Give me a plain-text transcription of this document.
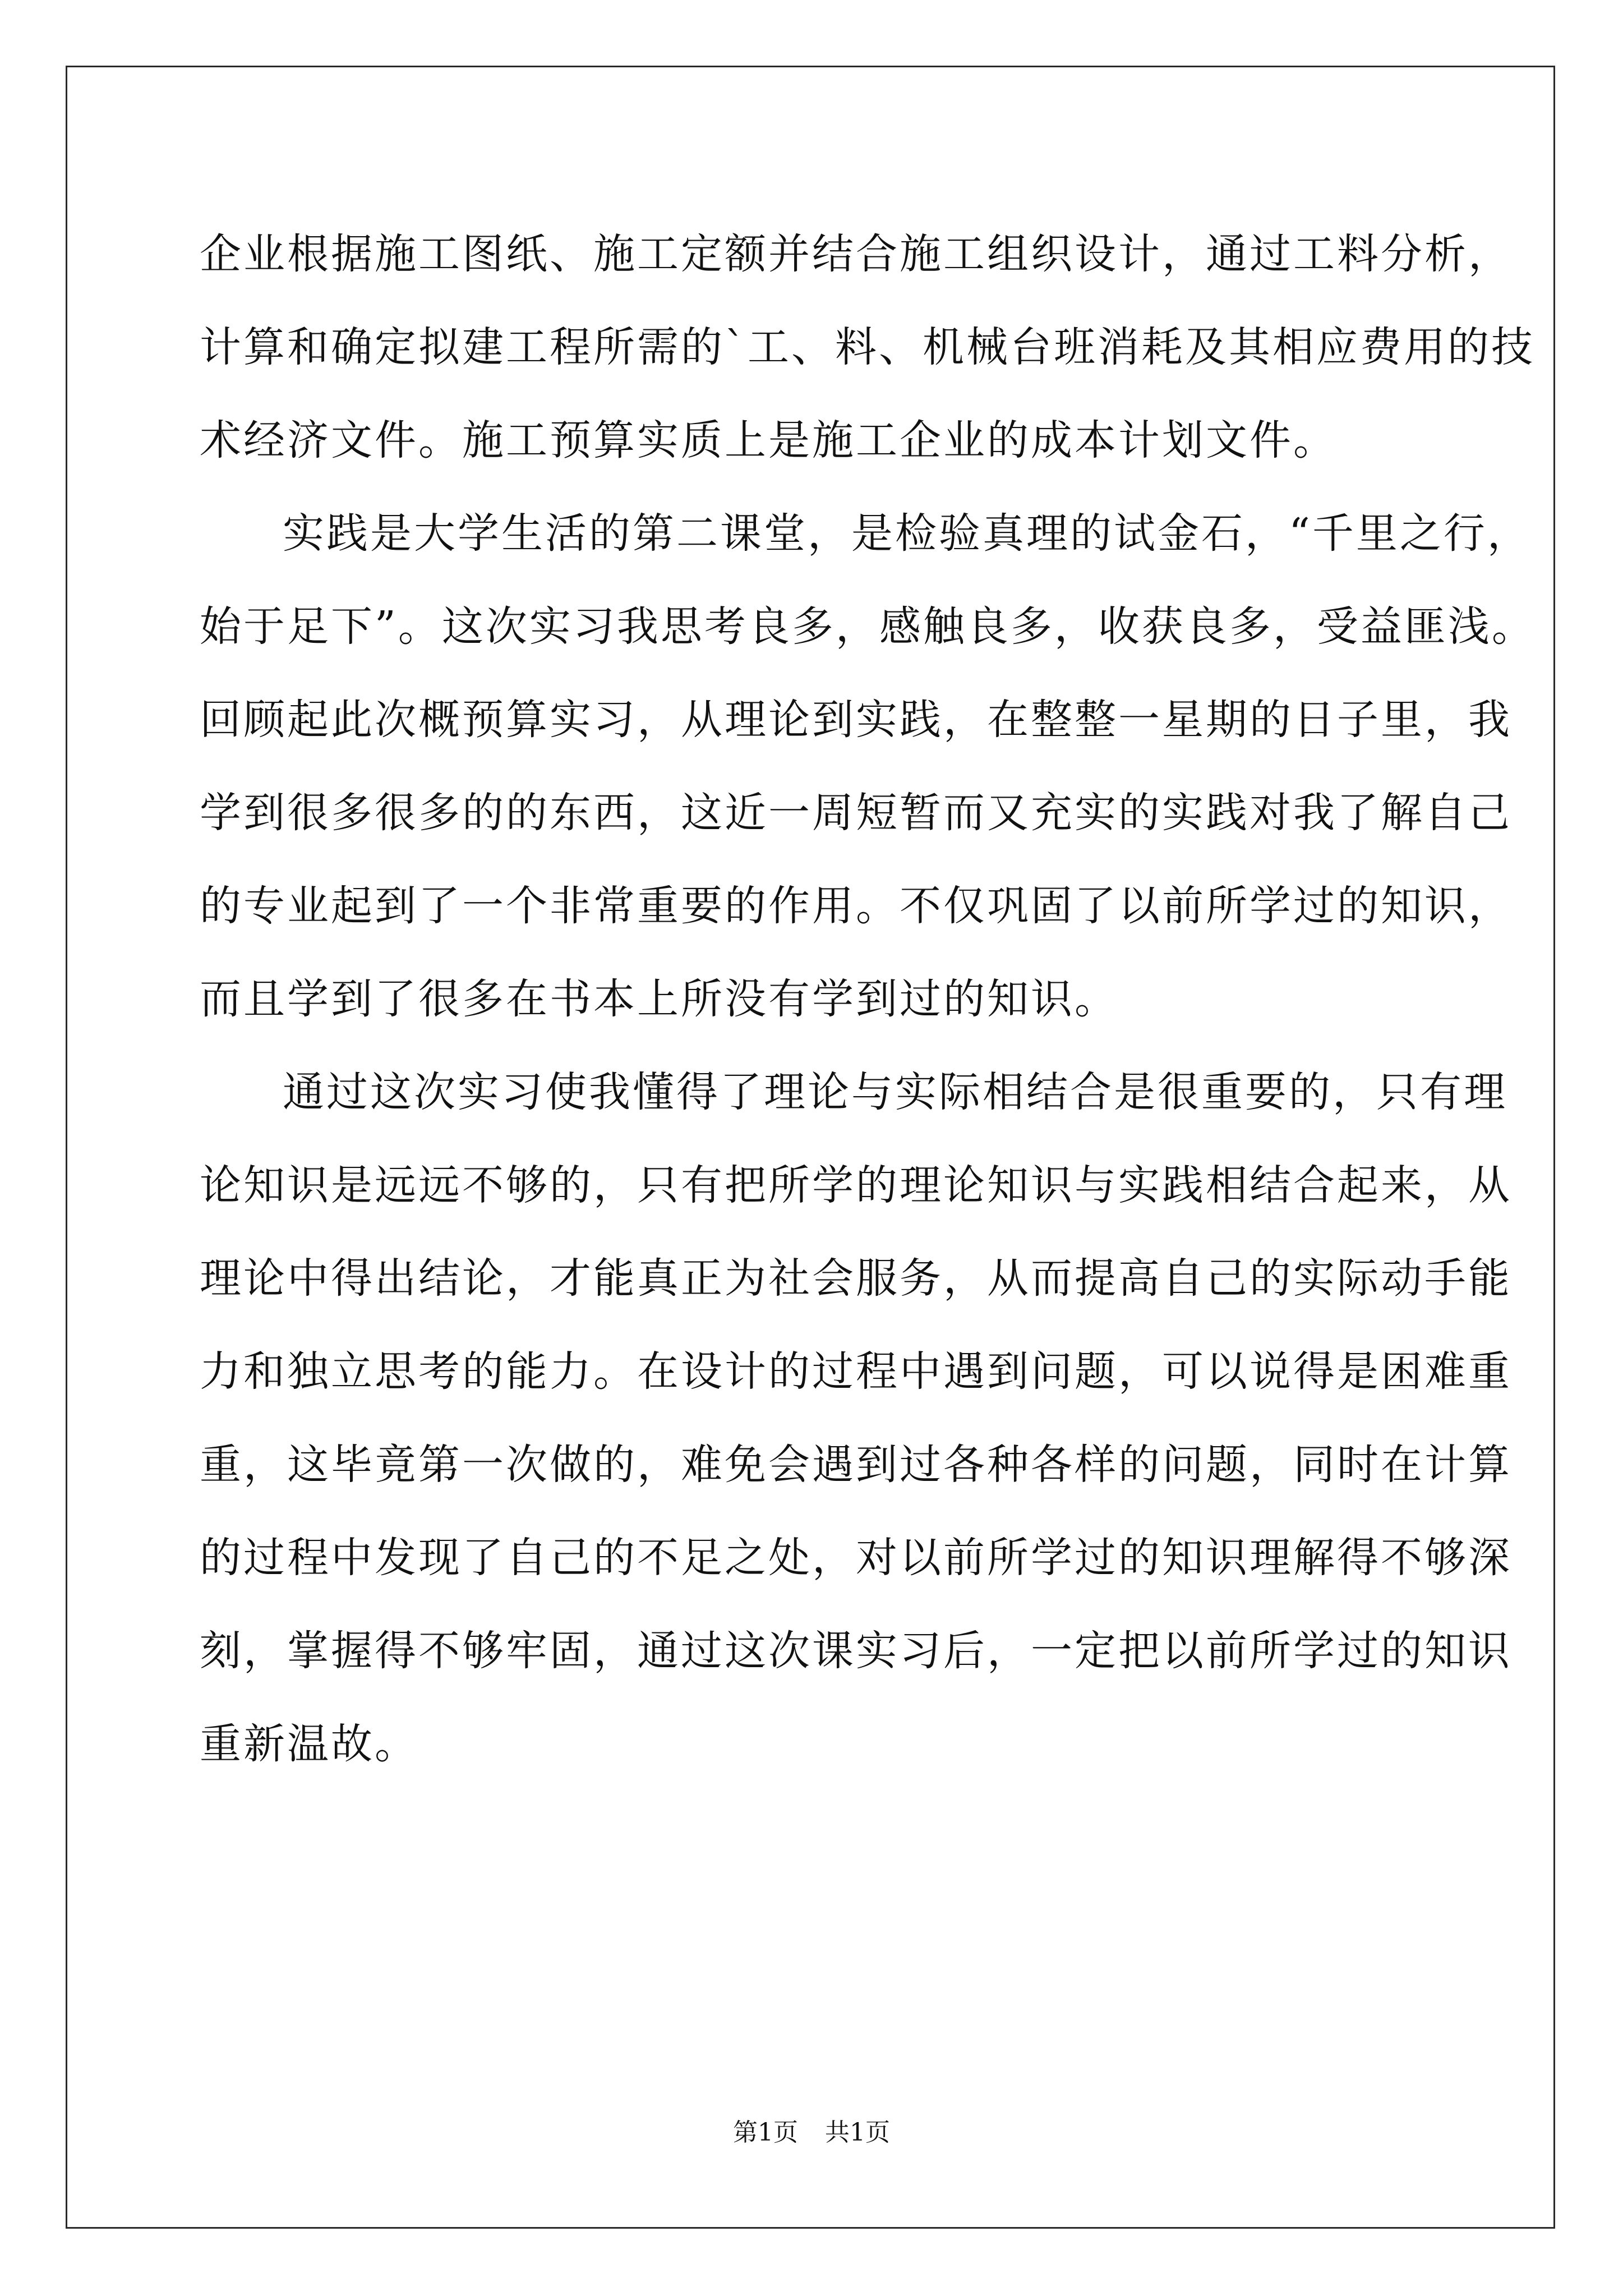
企业根据施工图纸、施工定额并结合施工组织设计，通过工料分析，
计算和确定拟建工程所需的`工、料、机械台班消耗及其相应费用的技
术经济文件。施工预算实质上是施工企业的成本计划文件。
实践是大学生活的第二课堂，是检验真理的试金石，“千里之行，
始于足下”。这次实习我思考良多，感触良多，收获良多，受益匪浅。
回顾起此次概预算实习，从理论到实践，在整整一星期的日子里，我
学到很多很多的的东西，这近一周短暂而又充实的实践对我了解自己
的专业起到了一个非常重要的作用。不仅巩固了以前所学过的知识，
而且学到了很多在书本上所没有学到过的知识。
通过这次实习使我懂得了理论与实际相结合是很重要的，只有理
论知识是远远不够的，只有把所学的理论知识与实践相结合起来，从
理论中得出结论，才能真正为社会服务，从而提高自己的实际动手能
力和独立思考的能力。在设计的过程中遇到问题，可以说得是困难重
重，这毕竟第一次做的，难免会遇到过各种各样的问题，同时在计算
的过程中发现了自己的不足之处，对以前所学过的知识理解得不够深
刻，掌握得不够牢固，通过这次课实习后，一定把以前所学过的知识
重新温故。
第1页 共1页
